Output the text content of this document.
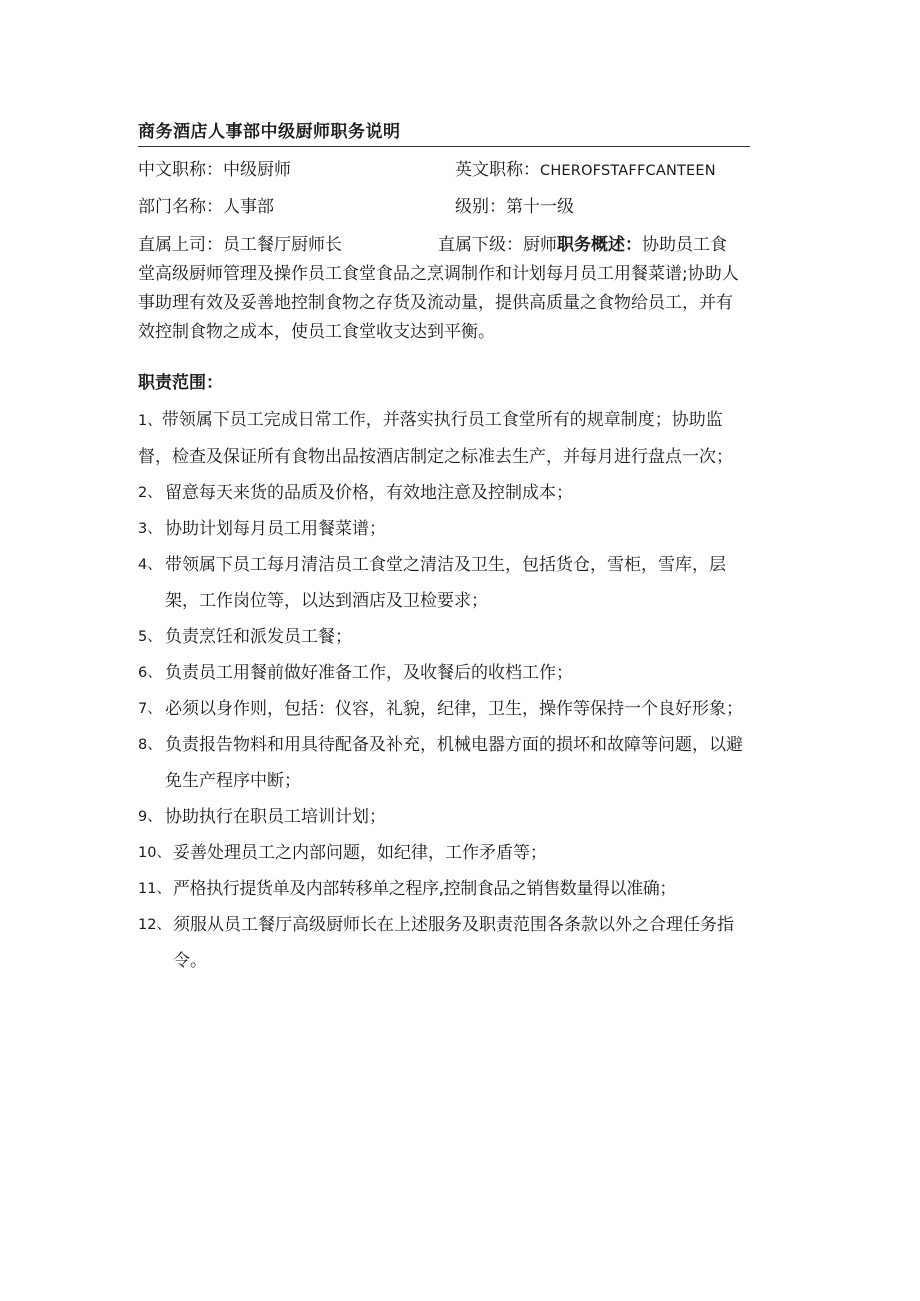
商务酒店人事部中级厨师职务说明
中文职称：中级厨师	英文职称：CHEROFSTAFFCANTEEN
部门名称：人事部	级别：第十一级
直属上司：员工餐厅厨师长	直属下级：厨师职务概述：协助员工食堂高级厨师管理及操作员工食堂食品之烹调制作和计划每月员工用餐菜谱;协助人事助理有效及妥善地控制食物之存货及流动量，提供高质量之食物给员工，并有效控制食物之成本，使员工食堂收支达到平衡。
职责范围：
1、带领属下员工完成日常工作，并落实执行员工食堂所有的规章制度；协助监督，检查及保证所有食物出品按酒店制定之标准去生产，并每月进行盘点一次；
2、 留意每天来货的品质及价格，有效地注意及控制成本；
3、 协助计划每月员工用餐菜谱；
4、 带领属下员工每月清洁员工食堂之清洁及卫生，包括货仓，雪柜，雪库，层架，工作岗位等，以达到酒店及卫检要求；
5、 负责烹饪和派发员工餐；
6、 负责员工用餐前做好准备工作，及收餐后的收档工作；
7、 必须以身作则，包括：仪容，礼貌，纪律，卫生，操作等保持一个良好形象；
8、 负责报告物料和用具待配备及补充，机械电器方面的损坏和故障等问题，以避免生产程序中断；
9、 协助执行在职员工培训计划；
10、 妥善处理员工之内部问题，如纪律，工作矛盾等；
11、 严格执行提货单及内部转移单之程序,控制食品之销售数量得以准确；
12、 须服从员工餐厅高级厨师长在上述服务及职责范围各条款以外之合理任务指令。
